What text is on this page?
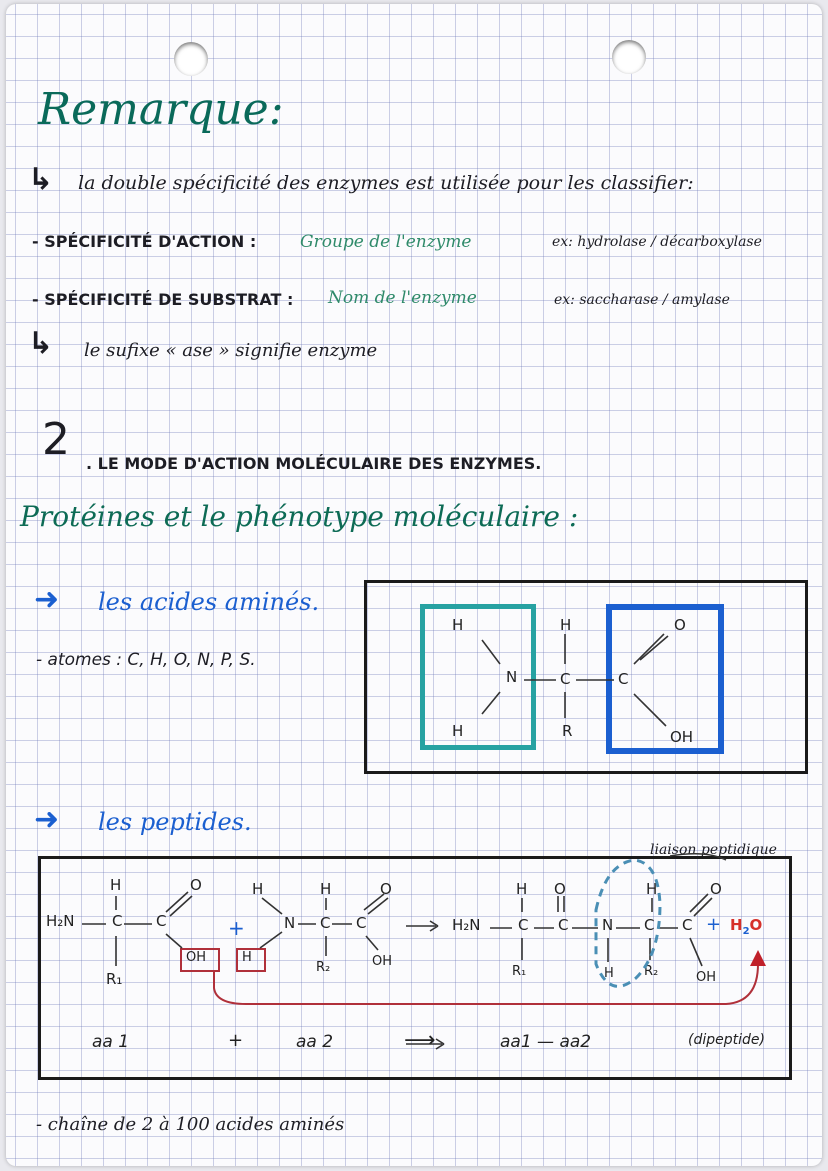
Remarque:
↳ la double spécificité des enzymes est utilisée pour les classifier:
- SPÉCIFICITÉ D'ACTION :	Groupe de l'enzyme	ex: hydrolase / décarboxylase
- SPÉCIFICITÉ DE SUBSTRAT : Nom de l'enzyme	ex: saccharase / amylase
↳ le sufixe « ase » signifie enzyme
2 . LE MODE D'ACTION MOLÉCULAIRE DES ENZYMES.
Protéines et le phénotype moléculaire :
➜ les acides aminés.
- atomes : C, H, O, N, P, S.
H
H
N
H
C
R
C
O
OH
➜ les peptides.
liaison peptidique
H₂N
H
C
R₁
C
O
OH
+
H
H
N
H
C
R₂
C
O
OH
H₂N
H
C
R₁
O
C N
H
H
C
R₂
C
O
OH
+ $H_2O$
aa 1	+	aa 2	⟶	aa1 — aa2	(dipeptide)
- chaîne de 2 à 100 acides aminés
